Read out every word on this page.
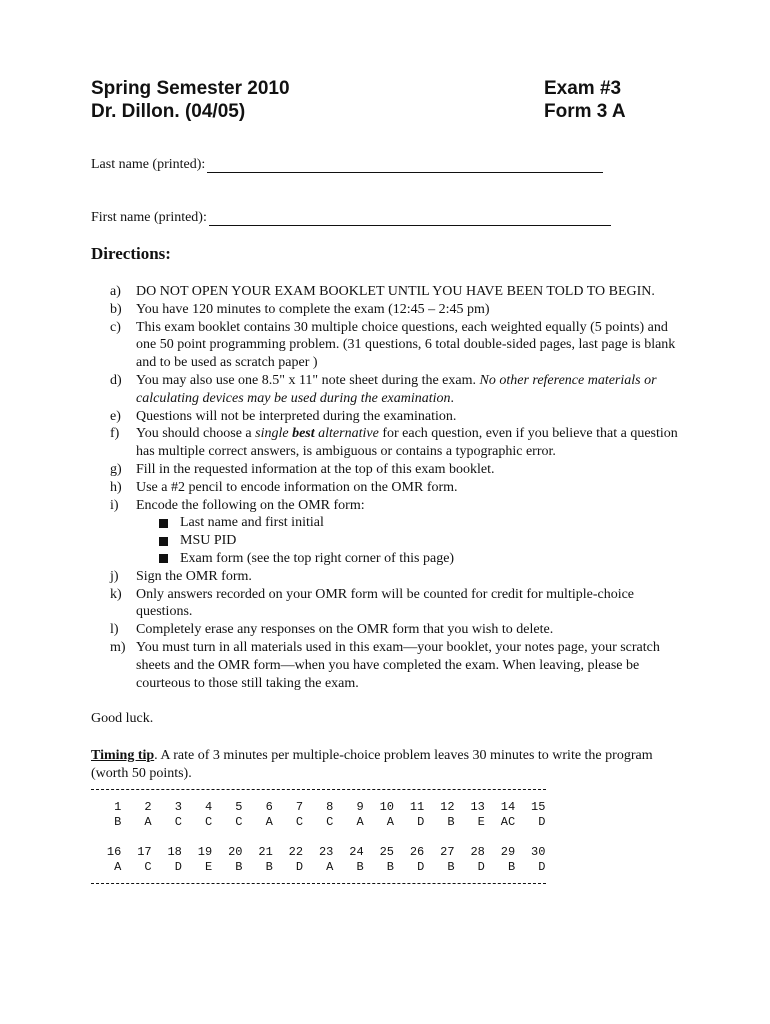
Spring Semester 2010
Dr. Dillon. (04/05)
Exam #3
Form 3 A
Last name (printed):
First name (printed):
Directions:
a)	DO NOT OPEN YOUR EXAM BOOKLET UNTIL YOU HAVE BEEN TOLD TO BEGIN.
b)	You have 120 minutes to complete the exam (12:45 – 2:45 pm)
c)	This exam booklet contains 30 multiple choice questions, each weighted equally (5 points) and one 50 point programming problem. (31 questions, 6 total double-sided pages, last page is blank and to be used as scratch paper )
d)	You may also use one 8.5" x 11" note sheet during the exam. No other reference materials or calculating devices may be used during the examination.
e)	Questions will not be interpreted during the examination.
f)	You should choose a single best alternative for each question, even if you believe that a question has multiple correct answers, is ambiguous or contains a typographic error.
g)	Fill in the requested information at the top of this exam booklet.
h)	Use a #2 pencil to encode information on the OMR form.
i)	Encode the following on the OMR form:
Last name and first initial
MSU PID
Exam form (see the top right corner of this page)
j)	Sign the OMR form.
k)	Only answers recorded on your OMR form will be counted for credit for multiple-choice questions.
l)	Completely erase any responses on the OMR form that you wish to delete.
m) You must turn in all materials used in this exam—your booklet, your notes page, your scratch sheets and the OMR form—when you have completed the exam. When leaving, please be courteous to those still taking the exam.
Good luck.
Timing tip. A rate of 3 minutes per multiple-choice problem leaves 30 minutes to write the program (worth 50 points).
1	2	3	4	5	6	7	8	9	10	11	12	13	14	15
B	A	C	C	C	A	C	C	A	A	D	B	E	AC	D
16	17	18	19	20	21	22	23	24	25	26	27	28	29	30
A	C	D	E	B	B	D	A	B	B	D	B	D	B	D
